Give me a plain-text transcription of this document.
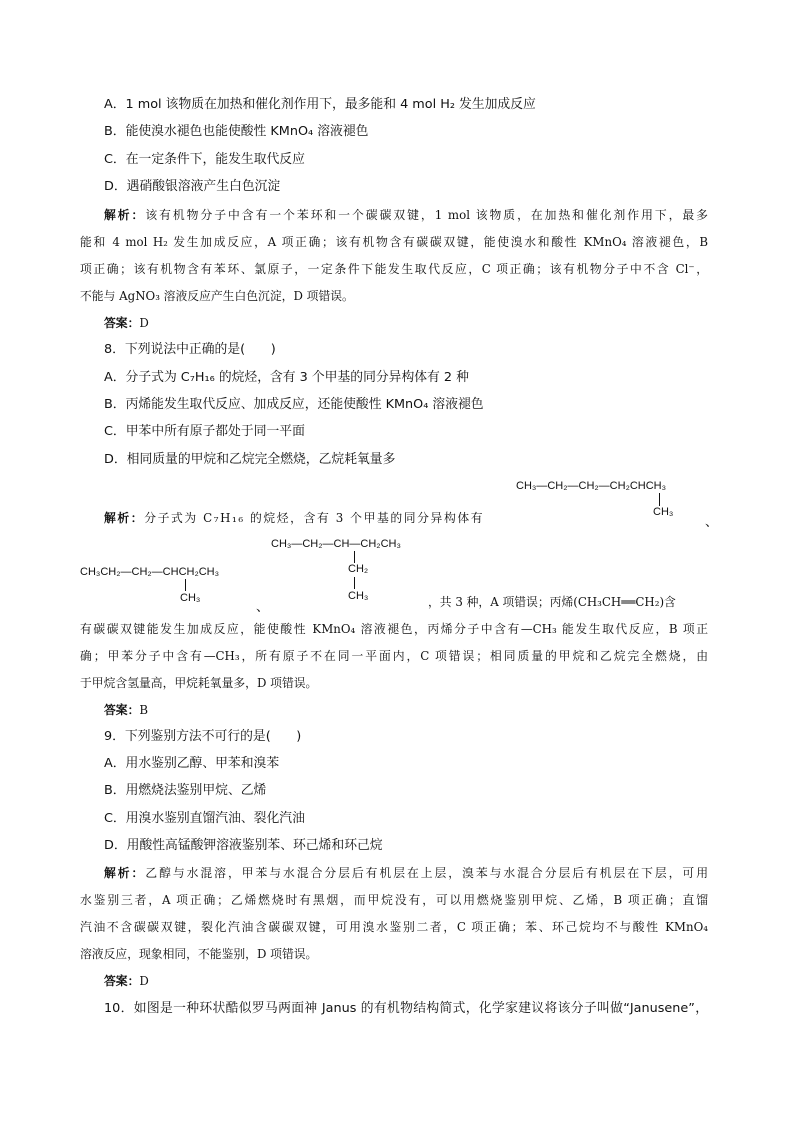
A．1 mol 该物质在加热和催化剂作用下，最多能和 4 mol H₂ 发生加成反应
B．能使溴水褪色也能使酸性 KMnO₄ 溶液褪色
C．在一定条件下，能发生取代反应
D．遇硝酸银溶液产生白色沉淀
解析：该有机物分子中含有一个苯环和一个碳碳双键，1 mol 该物质，在加热和催化剂作用下，最多
能和 4 mol H₂ 发生加成反应，A 项正确；该有机物含有碳碳双键，能使溴水和酸性 KMnO₄ 溶液褪色，B
项正确；该有机物含有苯环、氯原子，一定条件下能发生取代反应，C 项正确；该有机物分子中不含 Cl⁻，
不能与 AgNO₃ 溶液反应产生白色沉淀，D 项错误。
答案：D
8．下列说法中正确的是(　　)
A．分子式为 C₇H₁₆ 的烷烃，含有 3 个甲基的同分异构体有 2 种
B．丙烯能发生取代反应、加成反应，还能使酸性 KMnO₄ 溶液褪色
C．甲苯中所有原子都处于同一平面
D．相同质量的甲烷和乙烷完全燃烧，乙烷耗氧量多
CH₃—CH₂—CH₂—CH₂CHCH₃
CH₃
、
解析：分子式为 C₇H₁₆ 的烷烃，含有 3 个甲基的同分异构体有
CH₃—CH₂—CH—CH₂CH₃
CH₂
CH₃
CH₃CH₂—CH₂—CHCH₂CH₃
CH₃
、	，共 3 种，A 项错误；丙烯(CH₃CH══CH₂)含
有碳碳双键能发生加成反应，能使酸性 KMnO₄ 溶液褪色，丙烯分子中含有—CH₃ 能发生取代反应，B 项正
确；甲苯分子中含有—CH₃，所有原子不在同一平面内，C 项错误；相同质量的甲烷和乙烷完全燃烧，由
于甲烷含氢量高，甲烷耗氧量多，D 项错误。
答案：B
9．下列鉴别方法不可行的是(　　)
A．用水鉴别乙醇、甲苯和溴苯
B．用燃烧法鉴别甲烷、乙烯
C．用溴水鉴别直馏汽油、裂化汽油
D．用酸性高锰酸钾溶液鉴别苯、环己烯和环己烷
解析：乙醇与水混溶，甲苯与水混合分层后有机层在上层，溴苯与水混合分层后有机层在下层，可用
水鉴别三者，A 项正确；乙烯燃烧时有黑烟，而甲烷没有，可以用燃烧鉴别甲烷、乙烯，B 项正确；直馏
汽油不含碳碳双键，裂化汽油含碳碳双键，可用溴水鉴别二者，C 项正确；苯、环己烷均不与酸性 KMnO₄
溶液反应，现象相同，不能鉴别，D 项错误。
答案：D
10．如图是一种环状酷似罗马两面神 Janus 的有机物结构简式，化学家建议将该分子叫做“Janusene”，
